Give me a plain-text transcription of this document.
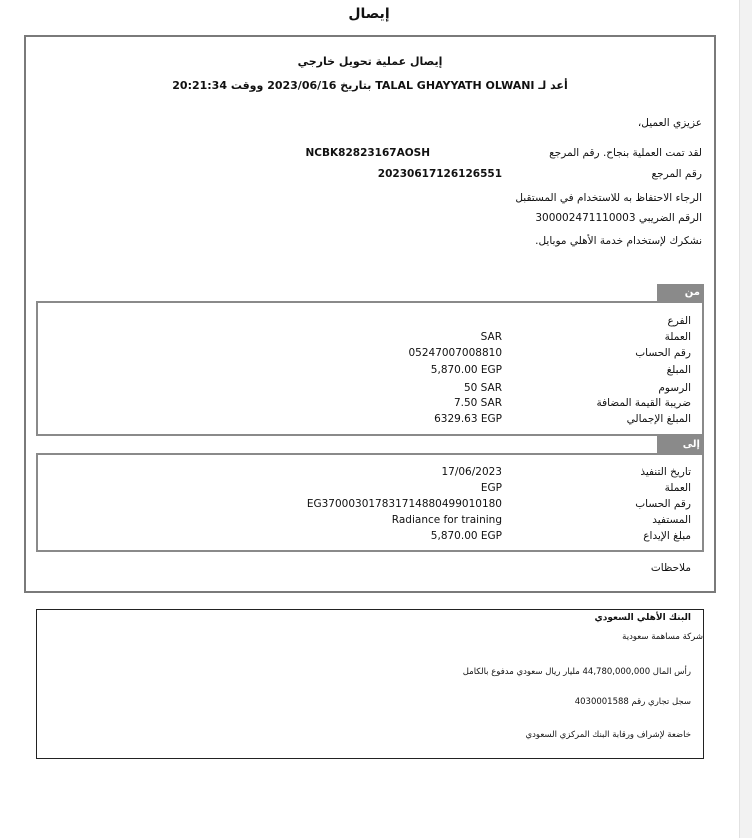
إيصال
إيصال عملية تحويل خارجي
أعد لـ TALAL GHAYYATH OLWANI بتاريخ 2023/06/16 ووقت 20:21:34
عزيزي العميل،
لقد تمت العملية بنجاح. رقم المرجع
NCBK82823167AOSH
رقم المرجع
20230617126126551
الرجاء الاحتفاظ به للاستخدام في المستقبل
الرقم الضريبي 300002471110003
نشكرك لإستخدام خدمة الأهلي موبايل.
من
الفرع
العملة
SAR
رقم الحساب
05247007008810
المبلغ
5,870.00 EGP
الرسوم
50 SAR
ضريبة القيمة المضافة
7.50 SAR
المبلغ الإجمالي
6329.63 EGP
إلى
تاريخ التنفيذ
17/06/2023
العملة
EGP
رقم الحساب
EG370003017831714880499010180
المستفيد
Radiance for training
مبلغ الإيداع
5,870.00 EGP
ملاحظات
البنك الأهلي السعودي
شركة مساهمة سعودية
رأس المال 44,780,000,000 مليار ريال سعودي مدفوع بالكامل
سجل تجاري رقم 4030001588
خاضعة لإشراف ورقابة البنك المركزي السعودي
